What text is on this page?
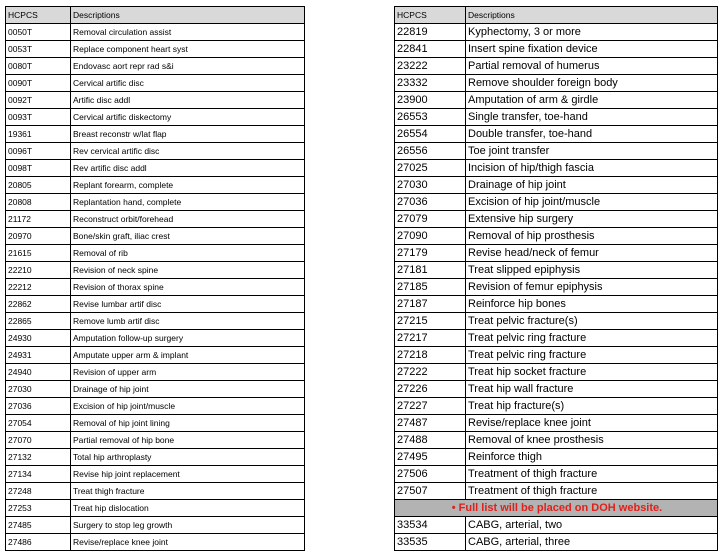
HCPCS	Descriptions
0050T	Removal circulation assist
0053T	Replace component heart syst
0080T	Endovasc aort repr rad s&i
0090T	Cervical artific disc
0092T	Artific disc addl
0093T	Cervical artific diskectomy
19361	Breast reconstr w/lat flap
0096T	Rev cervical artific disc
0098T	Rev artific disc addl
20805	Replant forearm, complete
20808	Replantation hand, complete
21172	Reconstruct orbit/forehead
20970	Bone/skin graft, iliac crest
21615	Removal of rib
22210	Revision of neck spine
22212	Revision of thorax spine
22862	Revise lumbar artif disc
22865	Remove lumb artif disc
24930	Amputation follow-up surgery
24931	Amputate upper arm & implant
24940	Revision of upper arm
27030	Drainage of hip joint
27036	Excision of hip joint/muscle
27054	Removal of hip joint lining
27070	Partial removal of hip bone
27132	Total hip arthroplasty
27134	Revise hip joint replacement
27248	Treat thigh fracture
27253	Treat hip dislocation
27485	Surgery to stop leg growth
27486	Revise/replace knee joint
HCPCS	Descriptions
22819	Kyphectomy, 3 or more
22841	Insert spine fixation device
23222	Partial removal of humerus
23332	Remove shoulder foreign body
23900	Amputation of arm & girdle
26553	Single transfer, toe-hand
26554	Double transfer, toe-hand
26556	Toe joint transfer
27025	Incision of hip/thigh fascia
27030	Drainage of hip joint
27036	Excision of hip joint/muscle
27079	Extensive hip surgery
27090	Removal of hip prosthesis
27179	Revise head/neck of femur
27181	Treat slipped epiphysis
27185	Revision of femur epiphysis
27187	Reinforce hip bones
27215	Treat pelvic fracture(s)
27217	Treat pelvic ring fracture
27218	Treat pelvic ring fracture
27222	Treat hip socket fracture
27226	Treat hip wall fracture
27227	Treat hip fracture(s)
27487	Revise/replace knee joint
27488	Removal of knee prosthesis
27495	Reinforce thigh
27506	Treatment of thigh fracture
27507	Treatment of thigh fracture
• Full list will be placed on DOH website.	
33534	CABG, arterial, two
33535	CABG, arterial, three
